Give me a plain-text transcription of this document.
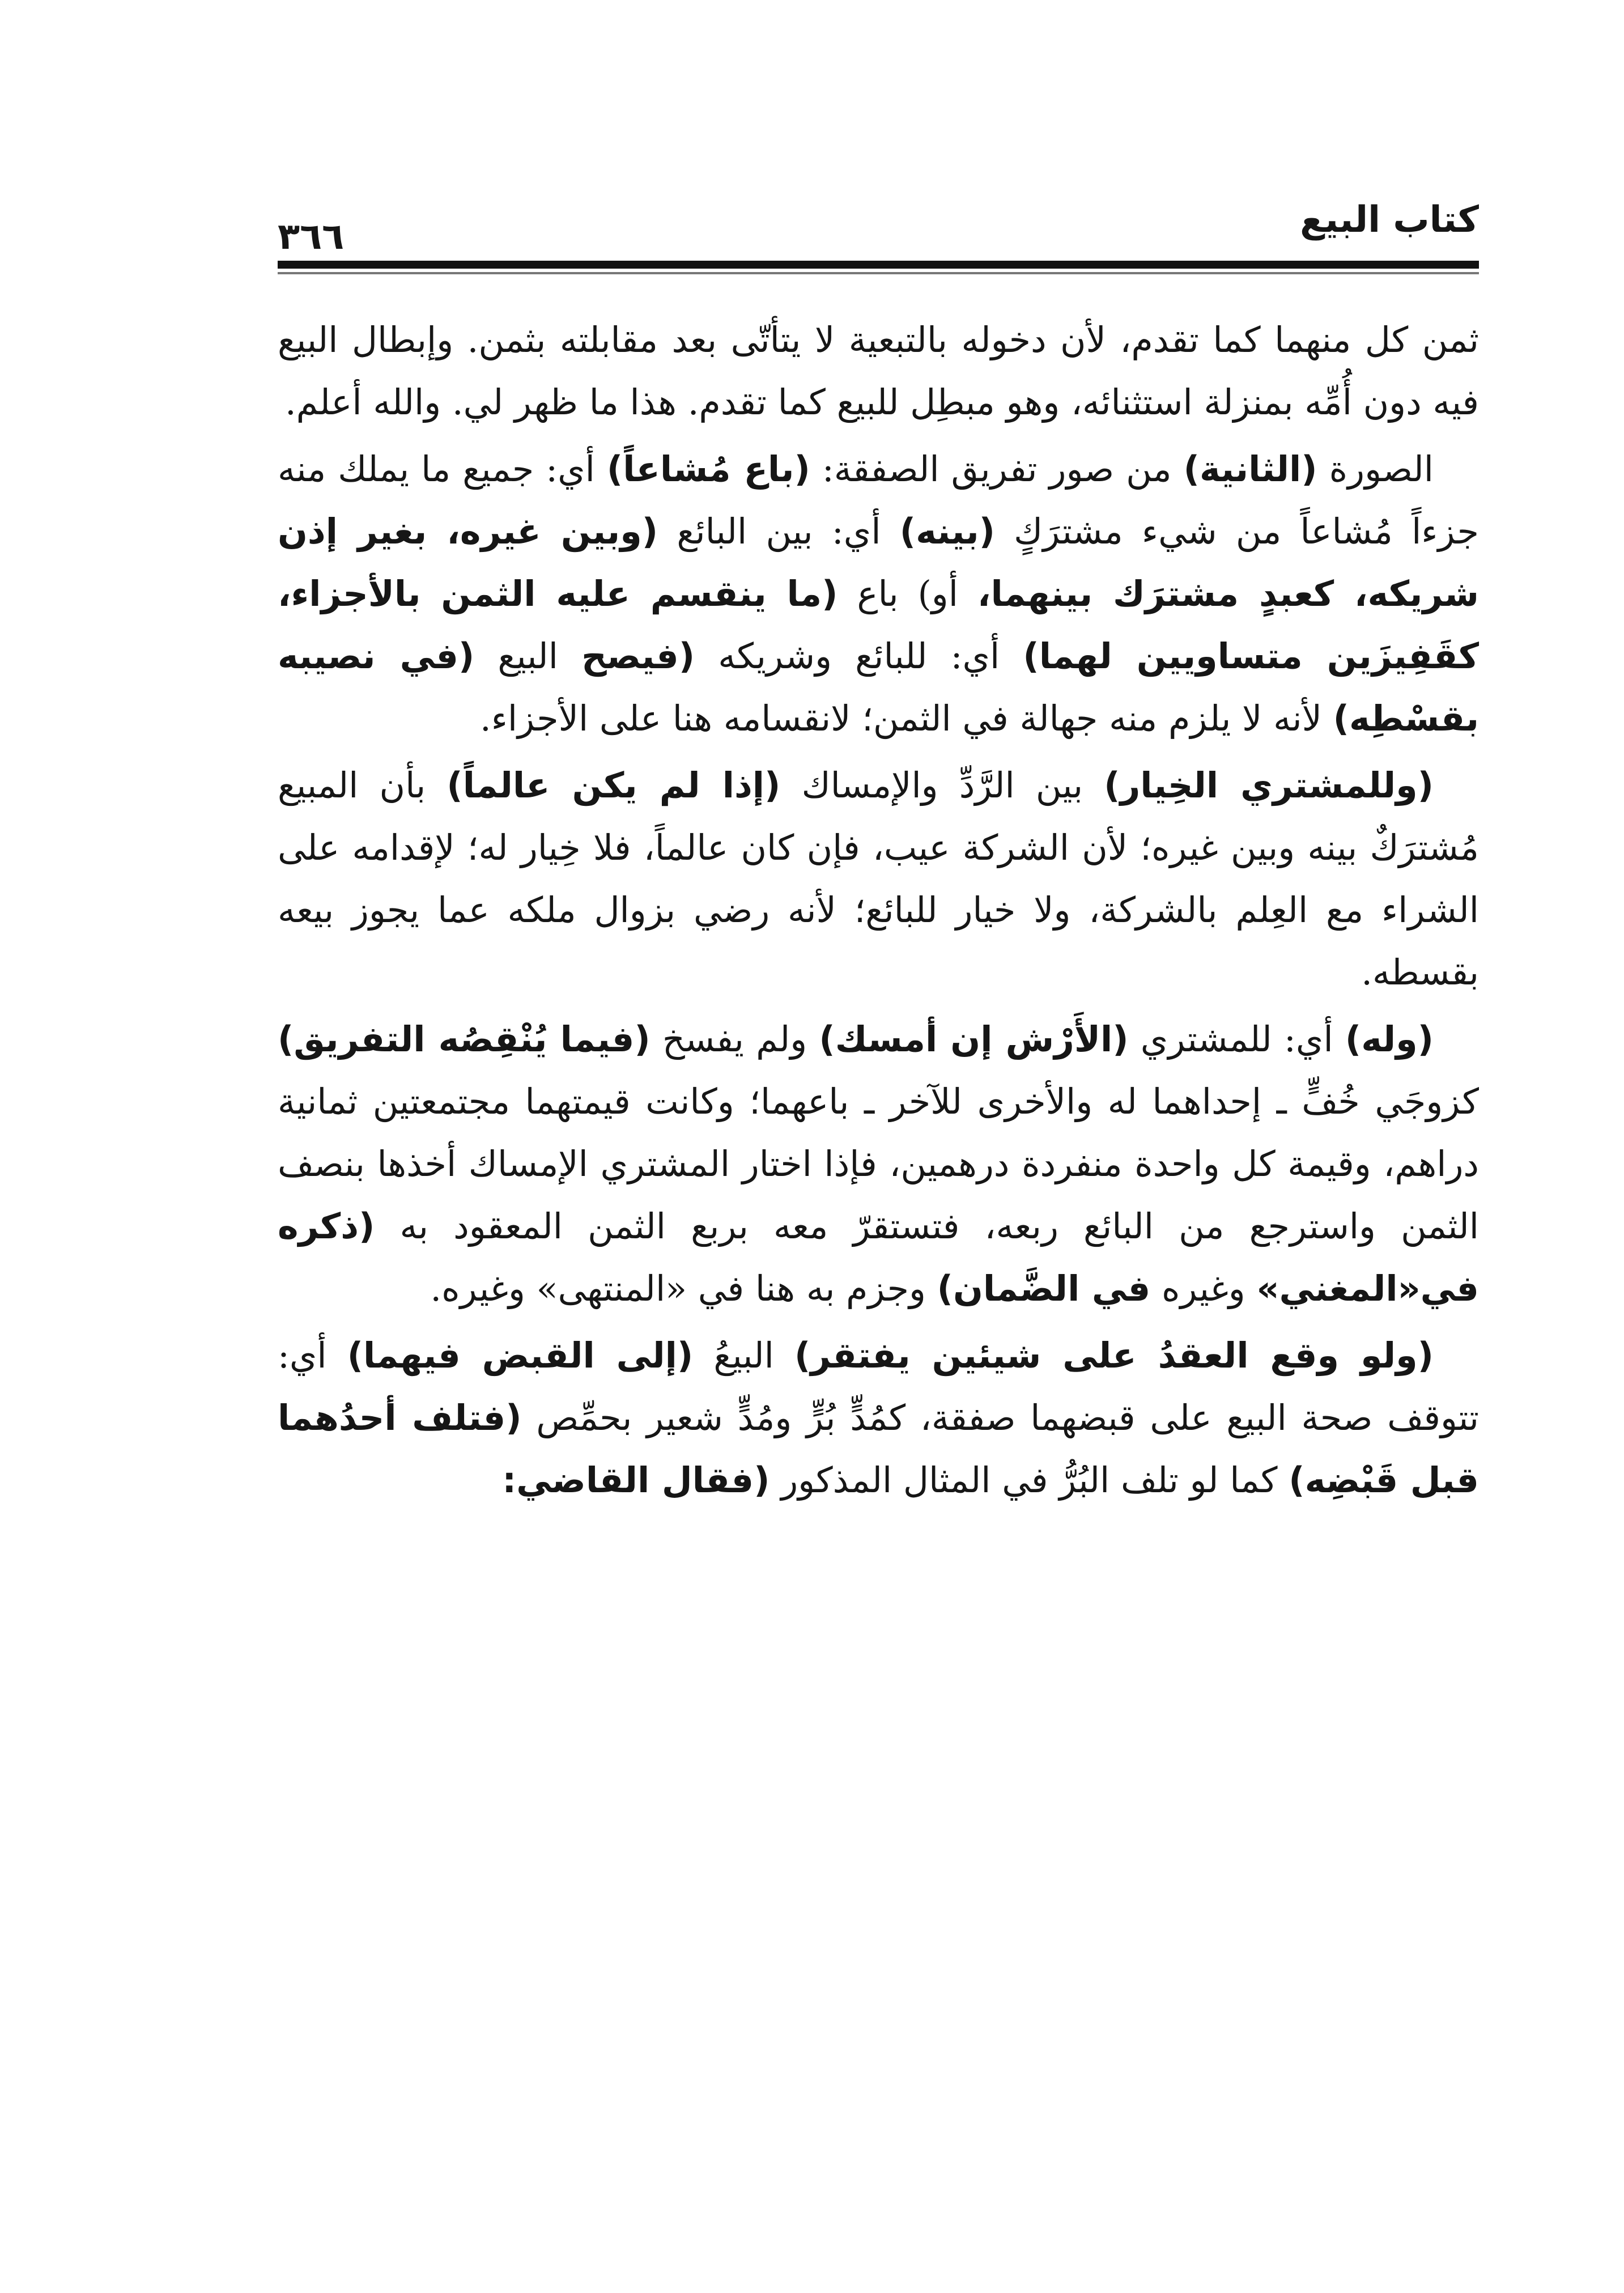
كتاب البيع
٣٦٦

ثمن كل منهما كما تقدم، لأن دخوله بالتبعية لا يتأتّى بعد مقابلته بثمن. وإبطال البيع فيه دون أُمِّه بمنزلة استثنائه، وهو مبطِل للبيع كما تقدم. هذا ما ظهر لي. والله أعلم.

الصورة (الثانية) من صور تفريق الصفقة: (باع مُشاعاً) أي: جميع ما يملك منه جزءاً مُشاعاً من شيء مشترَكٍ (بينه) أي: بين البائع (وبين غيره، بغير إذن شريكه، كعبدٍ مشترَك بينهما، أو) باع (ما ينقسم عليه الثمن بالأجزاء، كقَفِيزَين متساويين لهما) أي: للبائع وشريكه (فيصح البيع (في نصيبه بقسْطِه) لأنه لا يلزم منه جهالة في الثمن؛ لانقسامه هنا على الأجزاء.

(وللمشتري الخِيار) بين الرَّدِّ والإمساك (إذا لم يكن عالماً) بأن المبيع مُشترَكٌ بينه وبين غيره؛ لأن الشركة عيب، فإن كان عالماً، فلا خِيار له؛ لإقدامه على الشراء مع العِلم بالشركة، ولا خيار للبائع؛ لأنه رضي بزوال ملكه عما يجوز بيعه بقسطه.

(وله) أي: للمشتري (الأَرْش إن أمسك) ولم يفسخ (فيما يُنْقِصُه التفريق) كزوجَي خُفٍّ ـ إحداهما له والأخرى للآخر ـ باعهما؛ وكانت قيمتهما مجتمعتين ثمانية دراهم، وقيمة كل واحدة منفردة درهمين، فإذا اختار المشتري الإمساك أخذها بنصف الثمن واسترجع من البائع ربعه، فتستقرّ معه بربع الثمن المعقود به (ذكره في«المغني» وغيره في الضَّمان) وجزم به هنا في «المنتهى» وغيره.

(ولو وقع العقدُ على شيئين يفتقر) البيعُ (إلى القبض فيهما) أي: تتوقف صحة البيع على قبضهما صفقة، كمُدٍّ بُرٍّ ومُدٍّ شعير بحمِّص (فتلف أحدُهما قبل قَبْضِه) كما لو تلف البُرُّ في المثال المذكور (فقال القاضي:
